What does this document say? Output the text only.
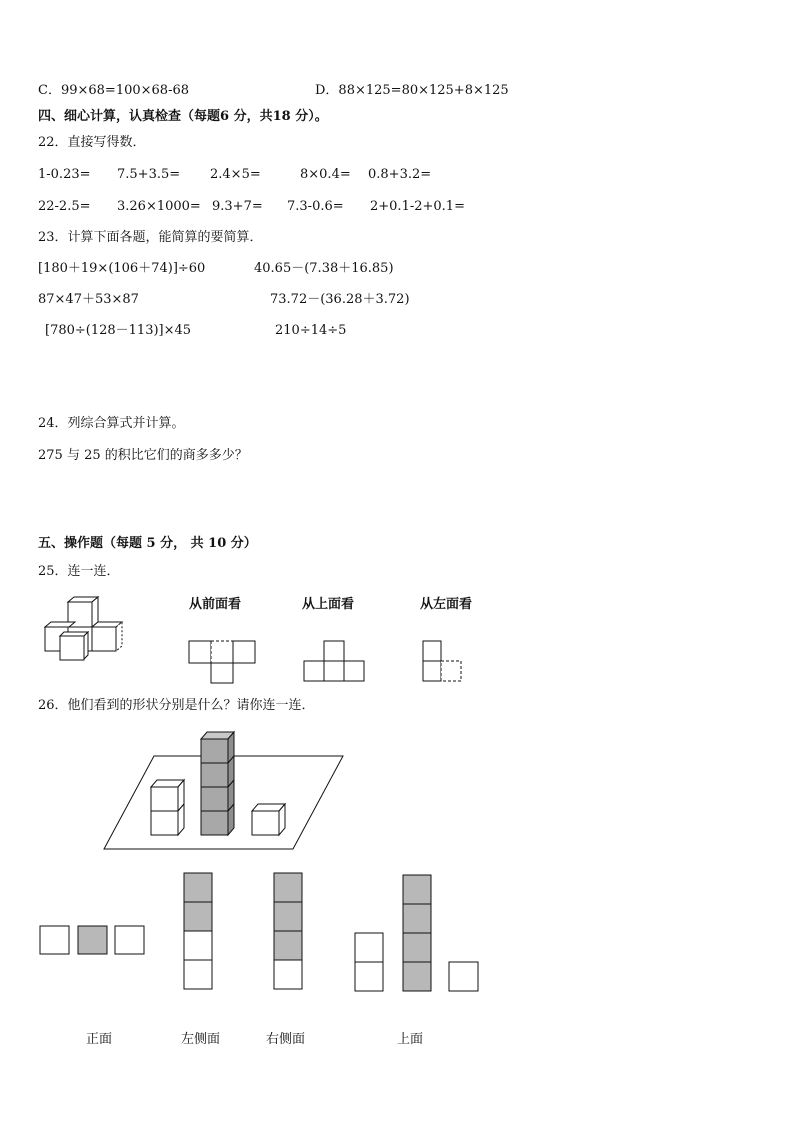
C．99×68=100×68-68	D．88×125=80×125+8×125
四、细心计算，认真检查（每题6 分，共18 分）。
22．直接写得数．
1-0.23= 7.5+3.5= 2.4×5=	8×0.4= 0.8+3.2=
22-2.5= 3.26×1000= 9.3+7= 7.3-0.6= 2+0.1-2+0.1=
23．计算下面各题，能简算的要简算．
[180＋19×(106＋74)]÷60	40.65－(7.38＋16.85)
87×47＋53×87	73.72－(36.28＋3.72)
[780÷(128－113)]×45	210÷14÷5
24．列综合算式并计算。
275 与 25 的积比它们的商多多少？
五、操作题（每题 5 分， 共 10 分）
25．连一连．
从前面看	从上面看	从左面看
26．他们看到的形状分别是什么？请你连一连．
正面	左侧面	右侧面	上面
